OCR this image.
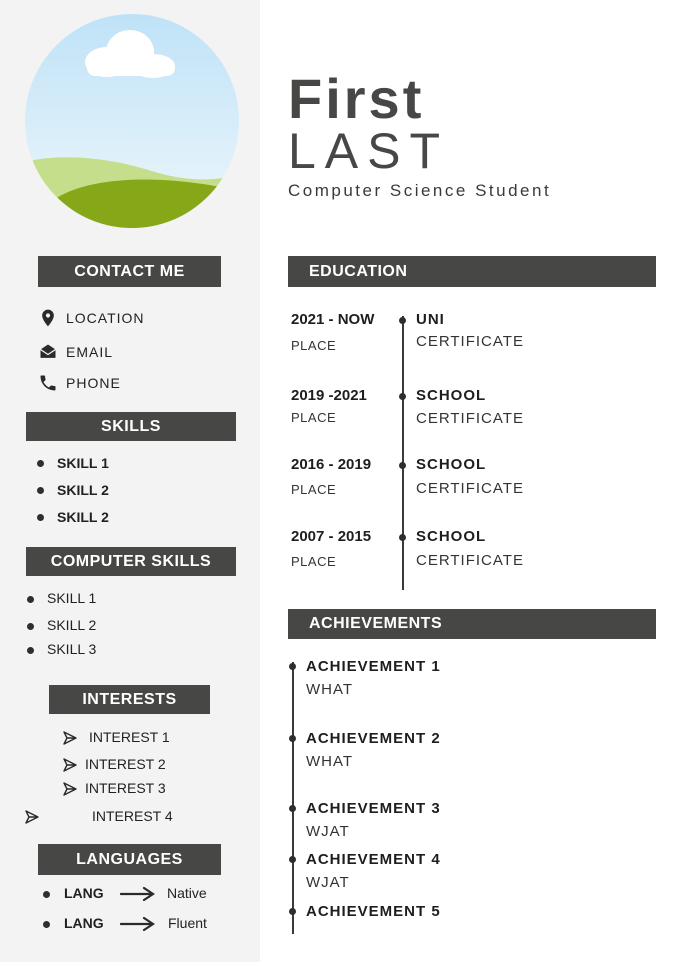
First
LAST
Computer Science Student
CONTACT ME
LOCATION
EMAIL
PHONE
SKILLS
SKILL 1
SKILL 2
SKILL 2
COMPUTER SKILLS
SKILL 1
SKILL 2
SKILL 3
INTERESTS
INTEREST 1
INTEREST 2
INTEREST 3
INTEREST 4
LANGUAGES
LANG	Native
LANG	Fluent
EDUCATION
2021 - NOW
PLACE
UNI
CERTIFICATE
2019 -2021
PLACE
SCHOOL
CERTIFICATE
2016 - 2019
PLACE
SCHOOL
CERTIFICATE
2007 - 2015
PLACE
SCHOOL
CERTIFICATE
ACHIEVEMENTS
ACHIEVEMENT 1
WHAT
ACHIEVEMENT 2
WHAT
ACHIEVEMENT 3
WJAT
ACHIEVEMENT 4
WJAT
ACHIEVEMENT 5
